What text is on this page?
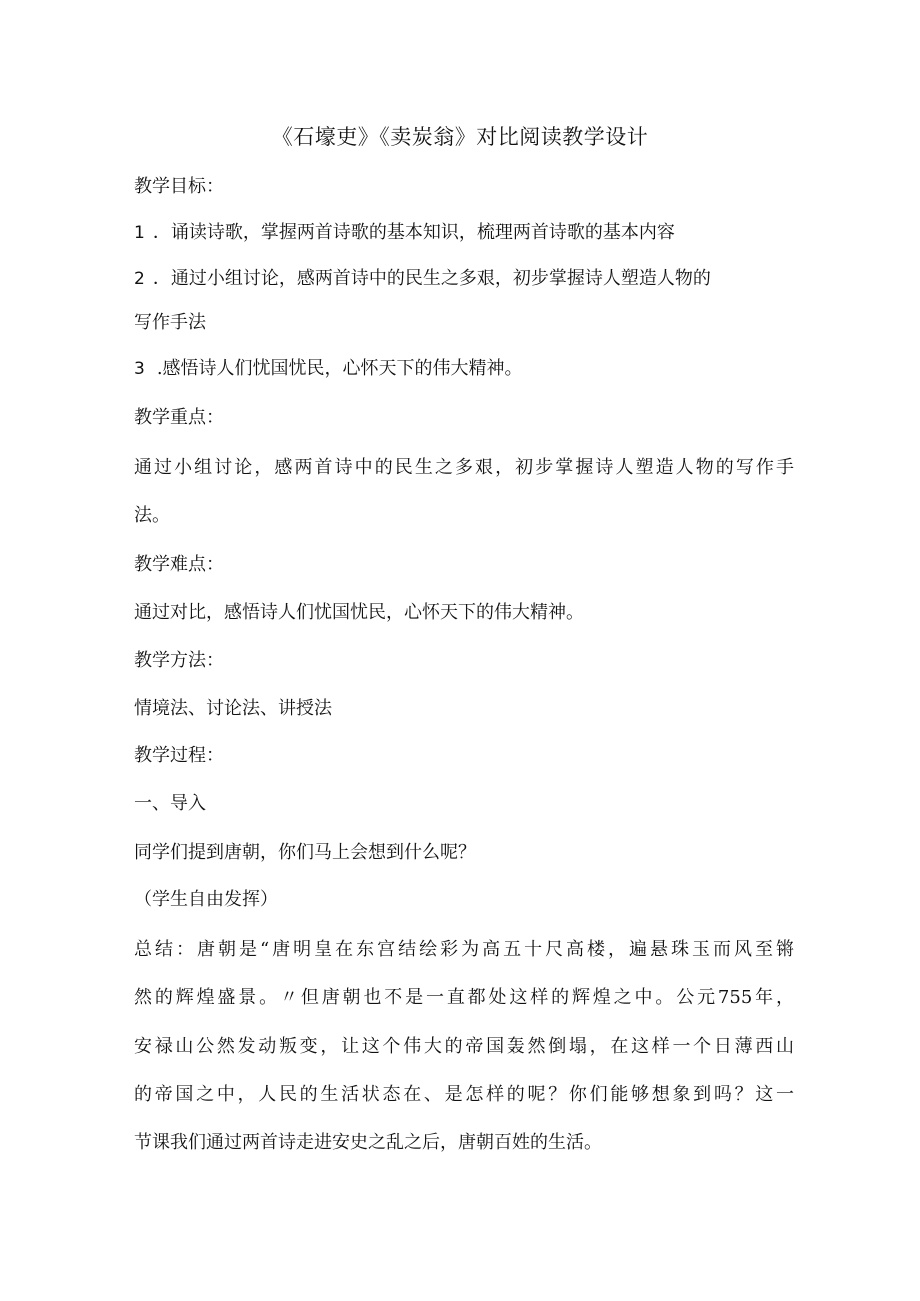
《石壕吏》《卖炭翁》对比阅读教学设计
教学目标：
1 ．诵读诗歌，掌握两首诗歌的基本知识，梳理两首诗歌的基本内容
2 ．通过小组讨论，感两首诗中的民生之多艰，初步掌握诗人塑造人物的
写作手法
3 .感悟诗人们忧国忧民，心怀天下的伟大精神。
教学重点：
通过小组讨论，感两首诗中的民生之多艰，初步掌握诗人塑造人物的写作手
法。
教学难点：
通过对比，感悟诗人们忧国忧民，心怀天下的伟大精神。
教学方法：
情境法、讨论法、讲授法
教学过程：
一、导入
同学们提到唐朝，你们马上会想到什么呢？
（学生自由发挥）
总结：唐朝是“唐明皇在东宫结绘彩为高五十尺高楼，遍悬珠玉而风至锵
然的辉煌盛景。〃但唐朝也不是一直都处这样的辉煌之中。公元755年，
安禄山公然发动叛变，让这个伟大的帝国轰然倒塌，在这样一个日薄西山
的帝国之中，人民的生活状态在、是怎样的呢？你们能够想象到吗？这一
节课我们通过两首诗走进安史之乱之后，唐朝百姓的生活。
